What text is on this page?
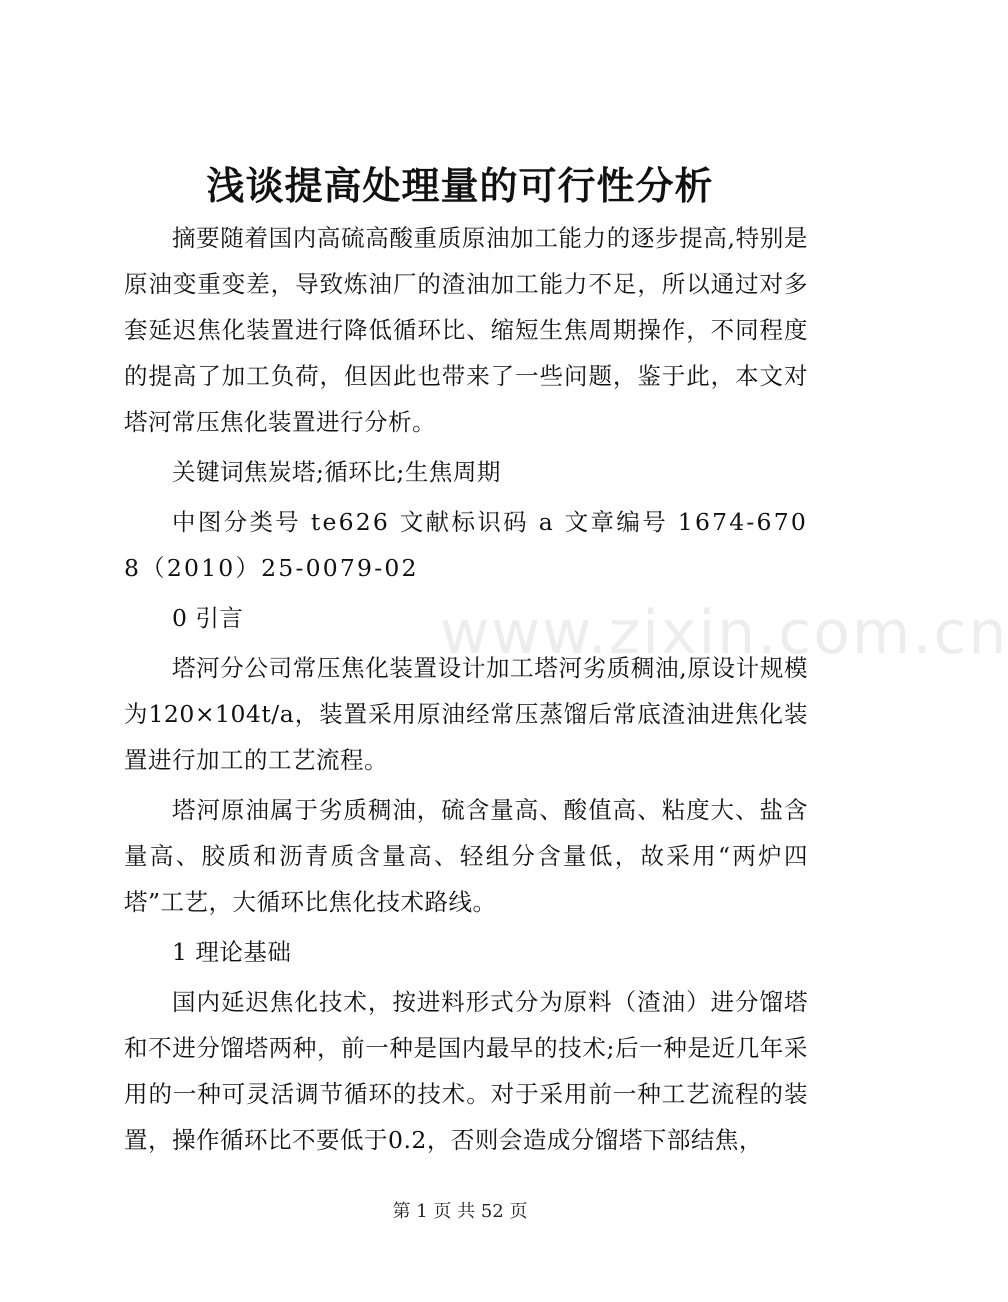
www.zixin.com.cn
浅谈提高处理量的可行性分析

摘要随着国内高硫高酸重质原油加工能力的逐步提高,特别是原油变重变差，导致炼油厂的渣油加工能力不足，所以通过对多套延迟焦化装置进行降低循环比、缩短生焦周期操作，不同程度的提高了加工负荷，但因此也带来了一些问题，鉴于此，本文对塔河常压焦化装置进行分析。

关键词焦炭塔;循环比;生焦周期

中图分类号 te626 文献标识码 a 文章编号 1674-6708（2010）25-0079-02

0 引言

塔河分公司常压焦化装置设计加工塔河劣质稠油,原设计规模为120×104t/a，装置采用原油经常压蒸馏后常底渣油进焦化装置进行加工的工艺流程。

塔河原油属于劣质稠油，硫含量高、酸值高、粘度大、盐含量高、胶质和沥青质含量高、轻组分含量低，故采用“两炉四塔”工艺，大循环比焦化技术路线。

1 理论基础

国内延迟焦化技术，按进料形式分为原料（渣油）进分馏塔和不进分馏塔两种，前一种是国内最早的技术;后一种是近几年采用的一种可灵活调节循环的技术。对于采用前一种工艺流程的装置，操作循环比不要低于0.2，否则会造成分馏塔下部结焦，

第 1 页 共 52 页
